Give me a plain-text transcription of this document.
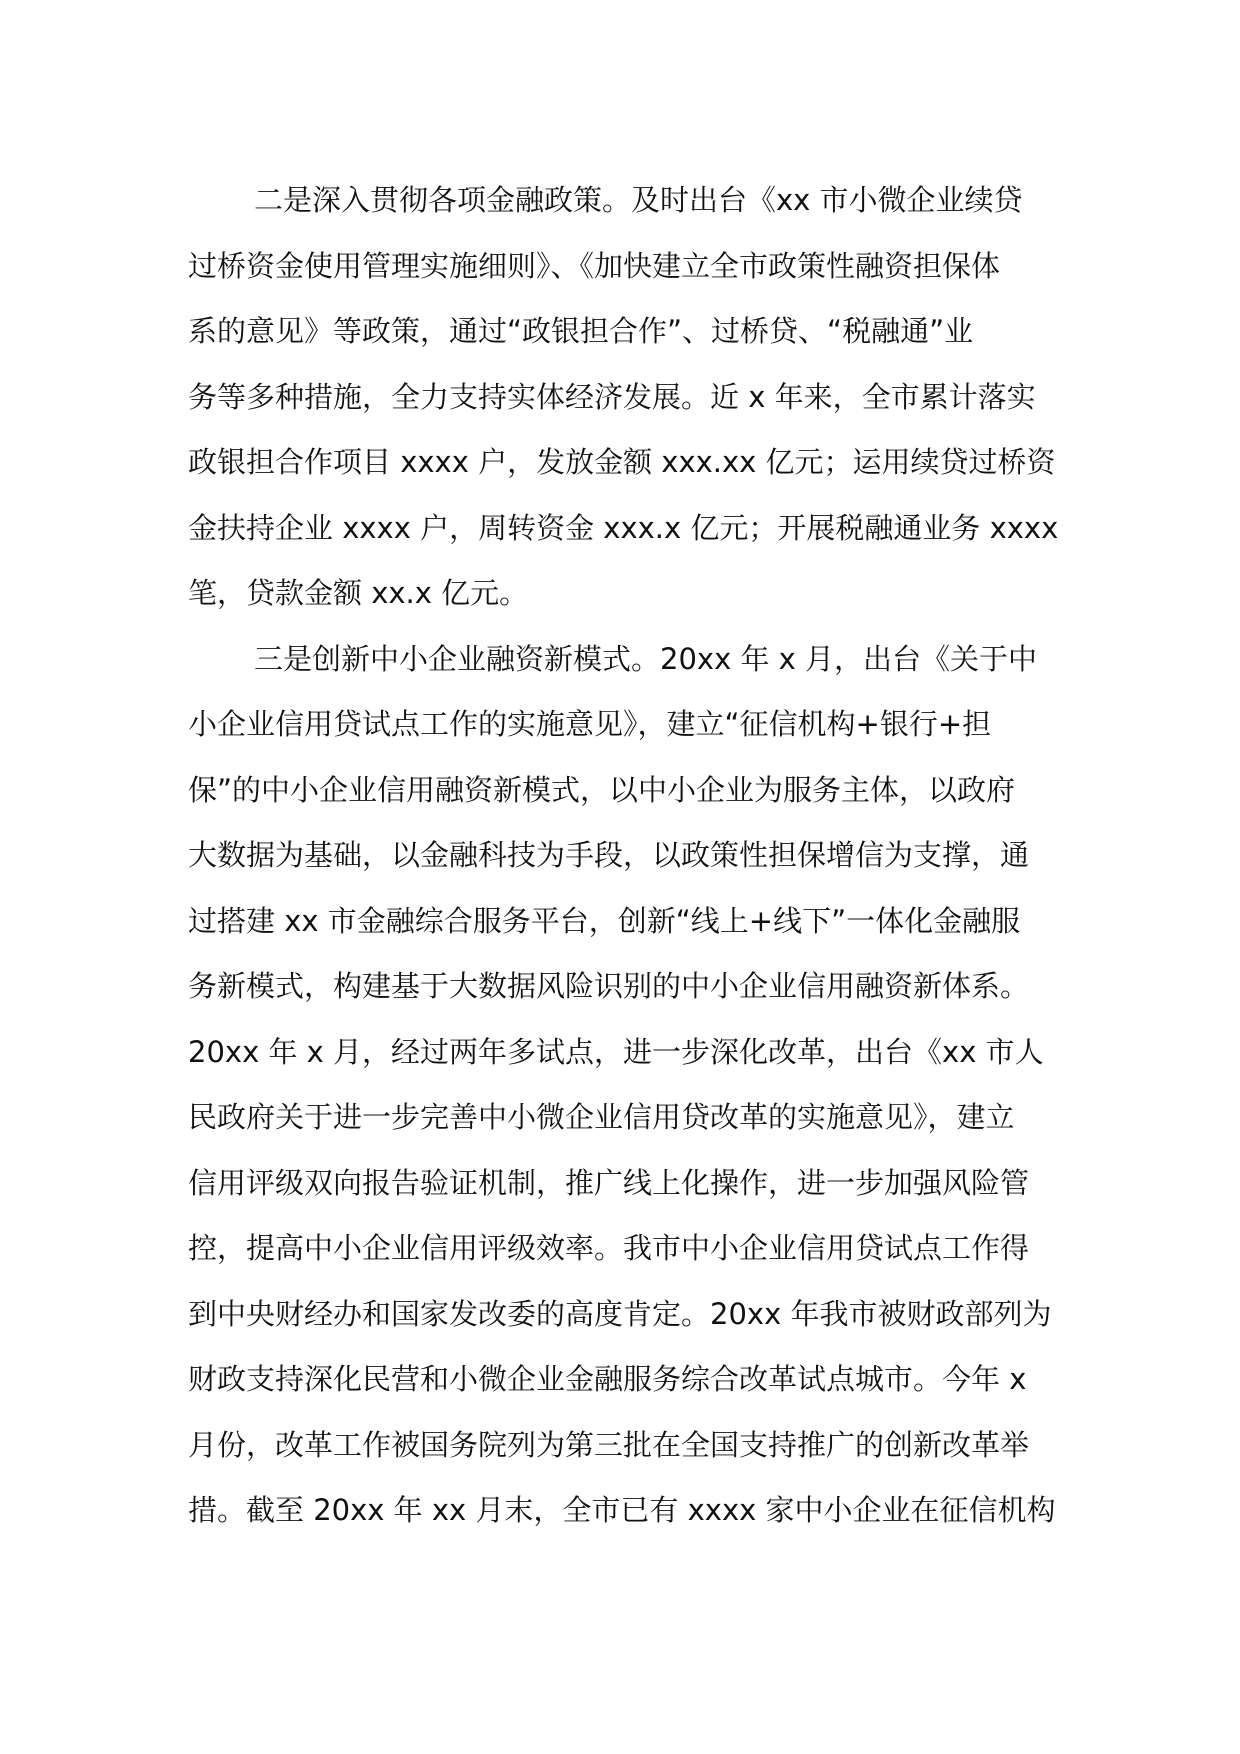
二是深入贯彻各项金融政策。及时出台《xx 市小微企业续贷
过桥资金使用管理实施细则》、《加快建立全市政策性融资担保体
系的意见》等政策，通过“政银担合作”、过桥贷、“税融通”业
务等多种措施，全力支持实体经济发展。近 x 年来，全市累计落实
政银担合作项目 xxxx 户，发放金额 xxx.xx 亿元；运用续贷过桥资
金扶持企业 xxxx 户，周转资金 xxx.x 亿元；开展税融通业务 xxxx
笔，贷款金额 xx.x 亿元。
三是创新中小企业融资新模式。20xx 年 x 月，出台《关于中
小企业信用贷试点工作的实施意见》，建立“征信机构+银行+担
保”的中小企业信用融资新模式，以中小企业为服务主体，以政府
大数据为基础，以金融科技为手段，以政策性担保增信为支撑，通
过搭建 xx 市金融综合服务平台，创新“线上+线下”一体化金融服
务新模式，构建基于大数据风险识别的中小企业信用融资新体系。
20xx 年 x 月，经过两年多试点，进一步深化改革，出台《xx 市人
民政府关于进一步完善中小微企业信用贷改革的实施意见》，建立
信用评级双向报告验证机制，推广线上化操作，进一步加强风险管
控，提高中小企业信用评级效率。我市中小企业信用贷试点工作得
到中央财经办和国家发改委的高度肯定。20xx 年我市被财政部列为
财政支持深化民营和小微企业金融服务综合改革试点城市。今年 x
月份，改革工作被国务院列为第三批在全国支持推广的创新改革举
措。截至 20xx 年 xx 月末，全市已有 xxxx 家中小企业在征信机构
